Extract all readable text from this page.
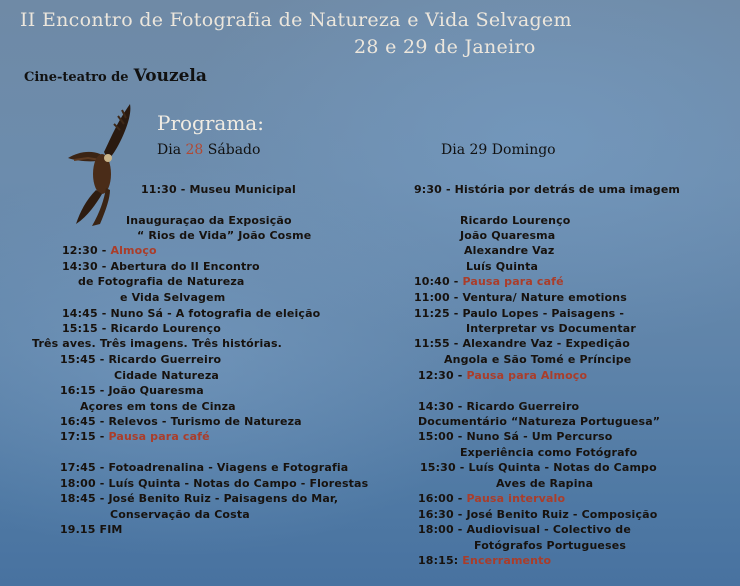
II Encontro de Fotografia de Natureza e Vida Selvagem
28 e 29 de Janeiro
Cine-teatro de Vouzela
Programa:
Dia 28 Sábado	Dia 29 Domingo
11:30 - Museu Municipal
Inauguraçao da Exposição
“ Rios de Vida” João Cosme
12:30 - Almoço
14:30 - Abertura do II Encontro
de Fotografia de Natureza
e Vida Selvagem
14:45 - Nuno Sá - A fotografia de eleição
15:15 - Ricardo Lourenço
Três aves. Três imagens. Três histórias.
15:45 - Ricardo Guerreiro
Cidade Natureza
16:15 - João Quaresma
Açores em tons de Cinza
16:45 - Relevos - Turismo de Natureza
17:15 - Pausa para café
17:45 - Fotoadrenalina - Viagens e Fotografia
18:00 - Luís Quinta - Notas do Campo - Florestas
18:45 - José Benito Ruiz - Paisagens do Mar,
Conservação da Costa
19.15 FIM
9:30 - História por detrás de uma imagem
Ricardo Lourenço
João Quaresma
Alexandre Vaz
Luís Quinta
10:40 - Pausa para café
11:00 - Ventura/ Nature emotions
11:25 - Paulo Lopes - Paisagens -
Interpretar vs Documentar
11:55 - Alexandre Vaz - Expedição
Angola e São Tomé e Príncipe
12:30 - Pausa para Almoço
14:30 - Ricardo Guerreiro
Documentário “Natureza Portuguesa”
15:00 - Nuno Sá - Um Percurso
Experiência como Fotógrafo
15:30 - Luís Quinta - Notas do Campo
Aves de Rapina
16:00 - Pausa intervalo
16:30 - José Benito Ruiz - Composição
18:00 - Audiovisual - Colectivo de
Fotógrafos Portugueses
18:15: Encerramento
